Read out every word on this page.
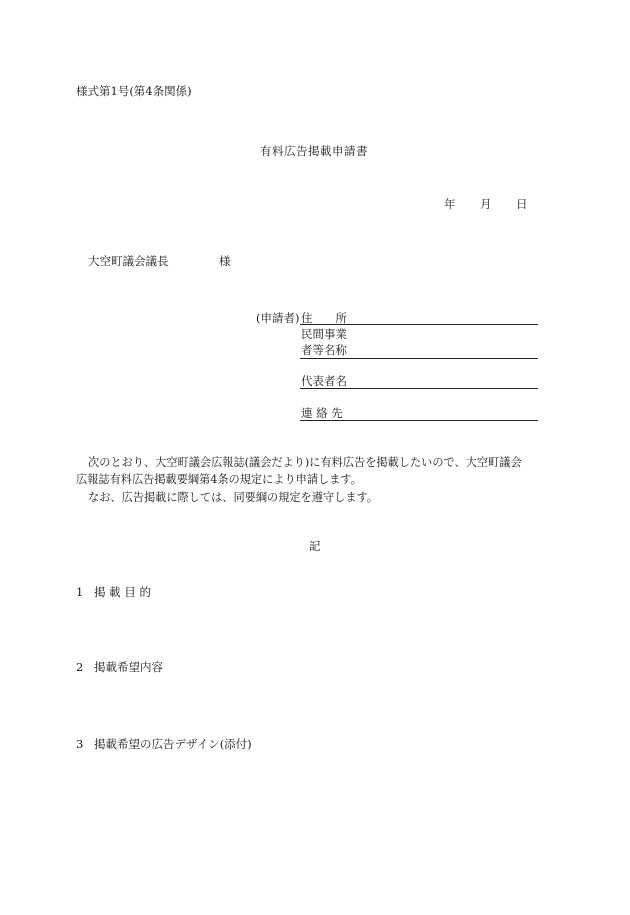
様式第1号(第4条関係)
有料広告掲載申請書
年 月 日
大空町議会議長	様
(申請者) 住　　所
民間事業
者等名称
代表者名
連 絡 先
次のとおり、大空町議会広報誌(議会だより)に有料広告を掲載したいので、大空町議会
広報誌有料広告掲載要綱第4条の規定により申請します。
なお、広告掲載に際しては、同要綱の規定を遵守します。
記
1 掲 載 目 的
2 掲載希望内容
3 掲載希望の広告デザイン(添付)
